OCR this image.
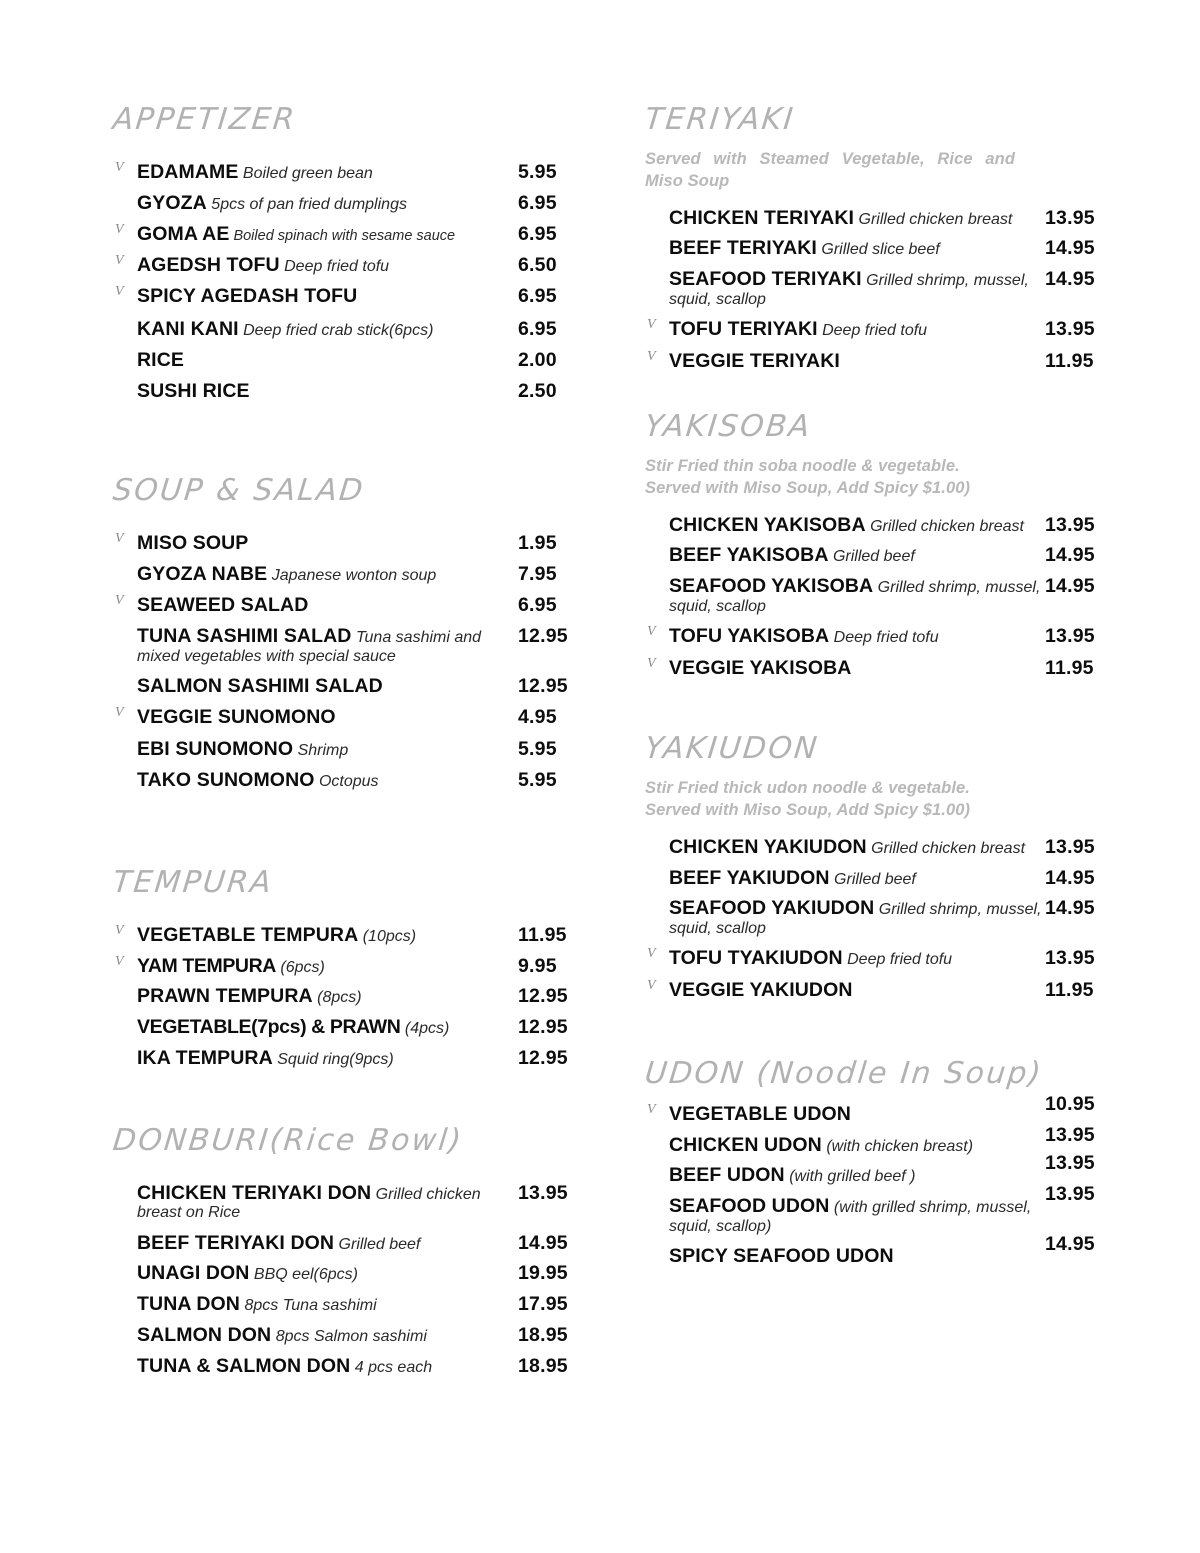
APPETIZER
V EDAMAME Boiled green bean	5.95
GYOZA 5pcs of pan fried dumplings	6.95
V GOMA AE Boiled spinach with sesame sauce	6.95
V AGEDSH TOFU Deep fried tofu	6.50
V SPICY AGEDASH TOFU	6.95
KANI KANI Deep fried crab stick(6pcs)	6.95
RICE	2.00
SUSHI RICE	2.50
SOUP & SALAD
V MISO SOUP	1.95
GYOZA NABE Japanese wonton soup	7.95
V SEAWEED SALAD	6.95
TUNA SASHIMI SALAD Tuna sashimi and mixed vegetables with special sauce
12.95
SALMON SASHIMI SALAD	12.95
V VEGGIE SUNOMONO	4.95
EBI SUNOMONO Shrimp	5.95
TAKO SUNOMONO Octopus	5.95
TEMPURA
V VEGETABLE TEMPURA (10pcs)	11.95
V YAM TEMPURA (6pcs)	9.95
PRAWN TEMPURA (8pcs)	12.95
VEGETABLE(7pcs) & PRAWN (4pcs)	12.95
IKA TEMPURA Squid ring(9pcs)	12.95
DONBURI(Rice Bowl)
CHICKEN TERIYAKI DON Grilled chicken breast on Rice
13.95
BEEF TERIYAKI DON Grilled beef	14.95
UNAGI DON BBQ eel(6pcs)	19.95
TUNA DON 8pcs Tuna sashimi	17.95
SALMON DON 8pcs Salmon sashimi	18.95
TUNA & SALMON DON 4 pcs each	18.95
TERIYAKI
Served with Steamed Vegetable, Rice and Miso Soup
CHICKEN TERIYAKI Grilled chicken breast	13.95
BEEF TERIYAKI Grilled slice beef	14.95
SEAFOOD TERIYAKI Grilled shrimp, mussel, squid, scallop
14.95
V TOFU TERIYAKI Deep fried tofu	13.95
V VEGGIE TERIYAKI	11.95
YAKISOBA
Stir Fried thin soba noodle & vegetable. Served with Miso Soup, Add Spicy $1.00)
CHICKEN YAKISOBA Grilled chicken breast	13.95
BEEF YAKISOBA Grilled beef	14.95
SEAFOOD YAKISOBA Grilled shrimp, mussel, squid, scallop
14.95
V TOFU YAKISOBA Deep fried tofu	13.95
V VEGGIE YAKISOBA	11.95
YAKIUDON
Stir Fried thick udon noodle & vegetable. Served with Miso Soup, Add Spicy $1.00)
CHICKEN YAKIUDON Grilled chicken breast	13.95
BEEF YAKIUDON Grilled beef	14.95
SEAFOOD YAKIUDON Grilled shrimp, mussel, squid, scallop
14.95
V TOFU TYAKIUDON Deep fried tofu	13.95
V VEGGIE YAKIUDON	11.95
UDON (Noodle In Soup)
V VEGETABLE UDON	10.95
CHICKEN UDON (with chicken breast)
13.95
BEEF UDON (with grilled beef )
13.95
SEAFOOD UDON (with grilled shrimp, mussel, squid, scallop)
13.95
SPICY SEAFOOD UDON
14.95
